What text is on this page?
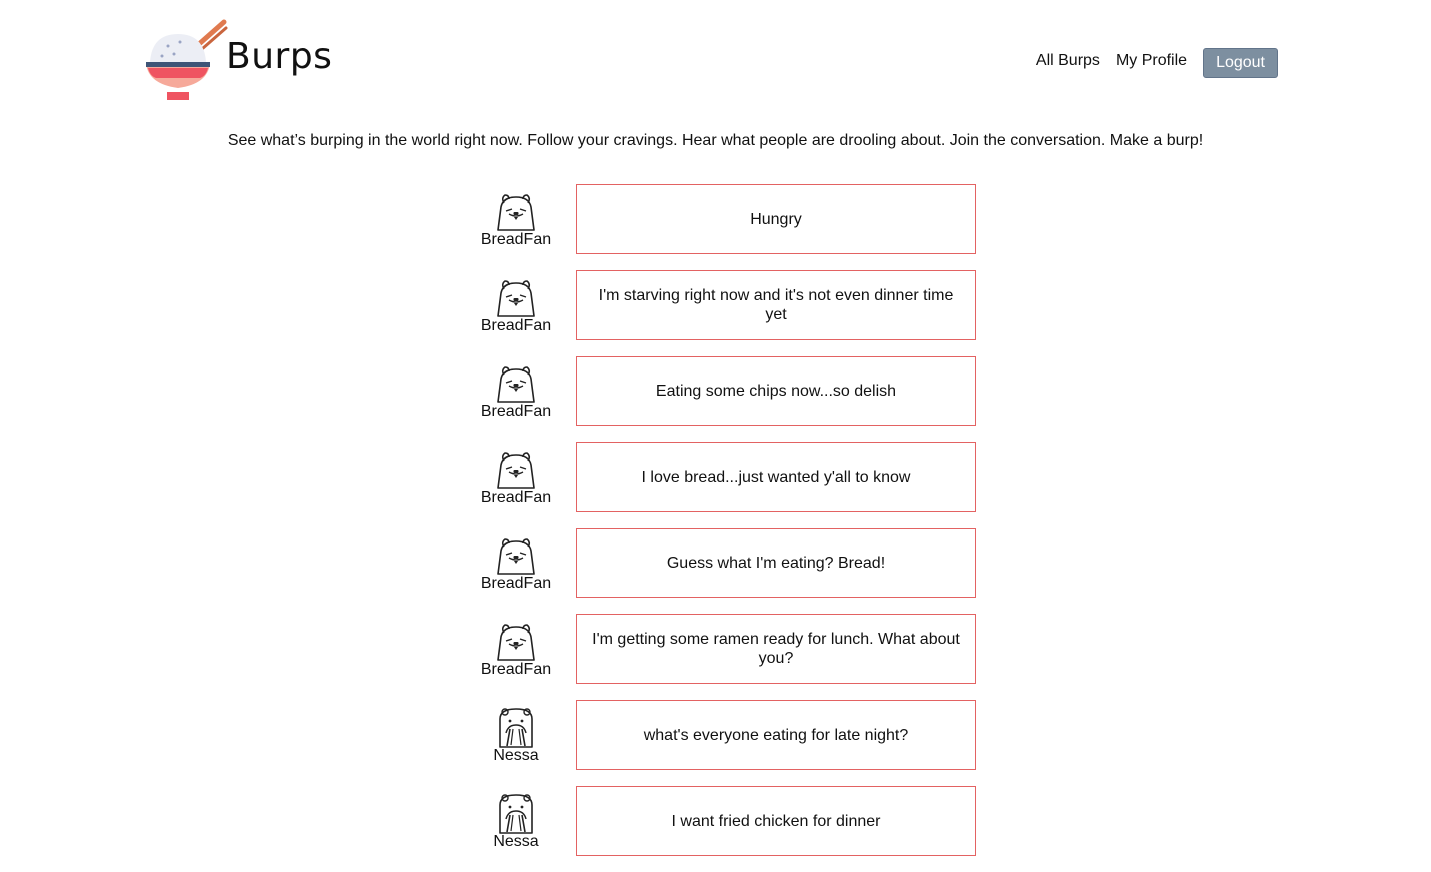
Burps	All Burps My Profile	Logout
See what’s burping in the world right now. Follow your cravings. Hear what people are drooling about. Join the conversation. Make a burp!
BreadFan
Hungry
BreadFan
I'm starving right now and it's not even dinner time yet
BreadFan
Eating some chips now...so delish
BreadFan
I love bread...just wanted y'all to know
BreadFan
Guess what I'm eating? Bread!
BreadFan
I'm getting some ramen ready for lunch. What about you?
Nessa
what's everyone eating for late night?
Nessa
I want fried chicken for dinner
